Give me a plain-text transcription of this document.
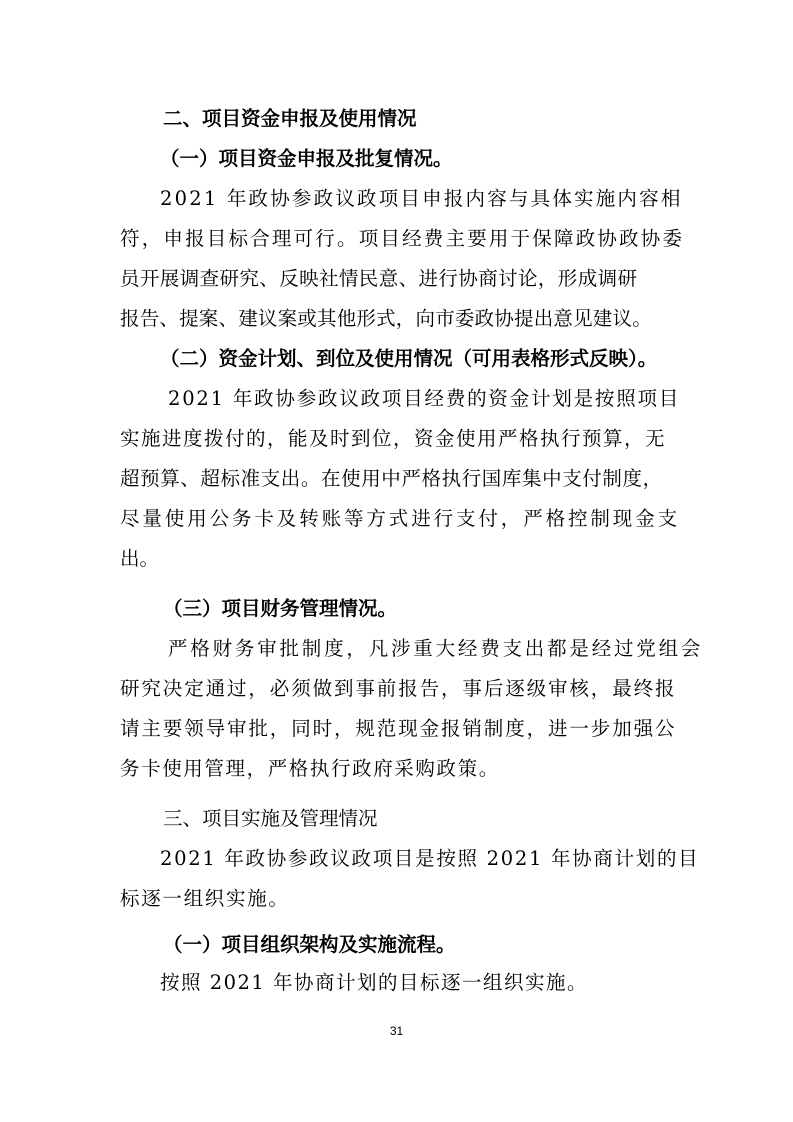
二、项目资金申报及使用情况
（一）项目资金申报及批复情况。
2021 年政协参政议政项目申报内容与具体实施内容相
符，申报目标合理可行。项目经费主要用于保障政协政协委
员开展调查研究、反映社情民意、进行协商讨论，形成调研
报告、提案、建议案或其他形式，向市委政协提出意见建议。
（二）资金计划、到位及使用情况（可用表格形式反映）。
2021 年政协参政议政项目经费的资金计划是按照项目
实施进度拨付的，能及时到位，资金使用严格执行预算，无
超预算、超标准支出。在使用中严格执行国库集中支付制度，
尽量使用公务卡及转账等方式进行支付，严格控制现金支
出。
（三）项目财务管理情况。
严格财务审批制度，凡涉重大经费支出都是经过党组会
研究决定通过，必须做到事前报告，事后逐级审核，最终报
请主要领导审批，同时，规范现金报销制度，进一步加强公
务卡使用管理，严格执行政府采购政策。
三、项目实施及管理情况
2021 年政协参政议政项目是按照 2021 年协商计划的目
标逐一组织实施。
（一）项目组织架构及实施流程。
按照 2021 年协商计划的目标逐一组织实施。
31
